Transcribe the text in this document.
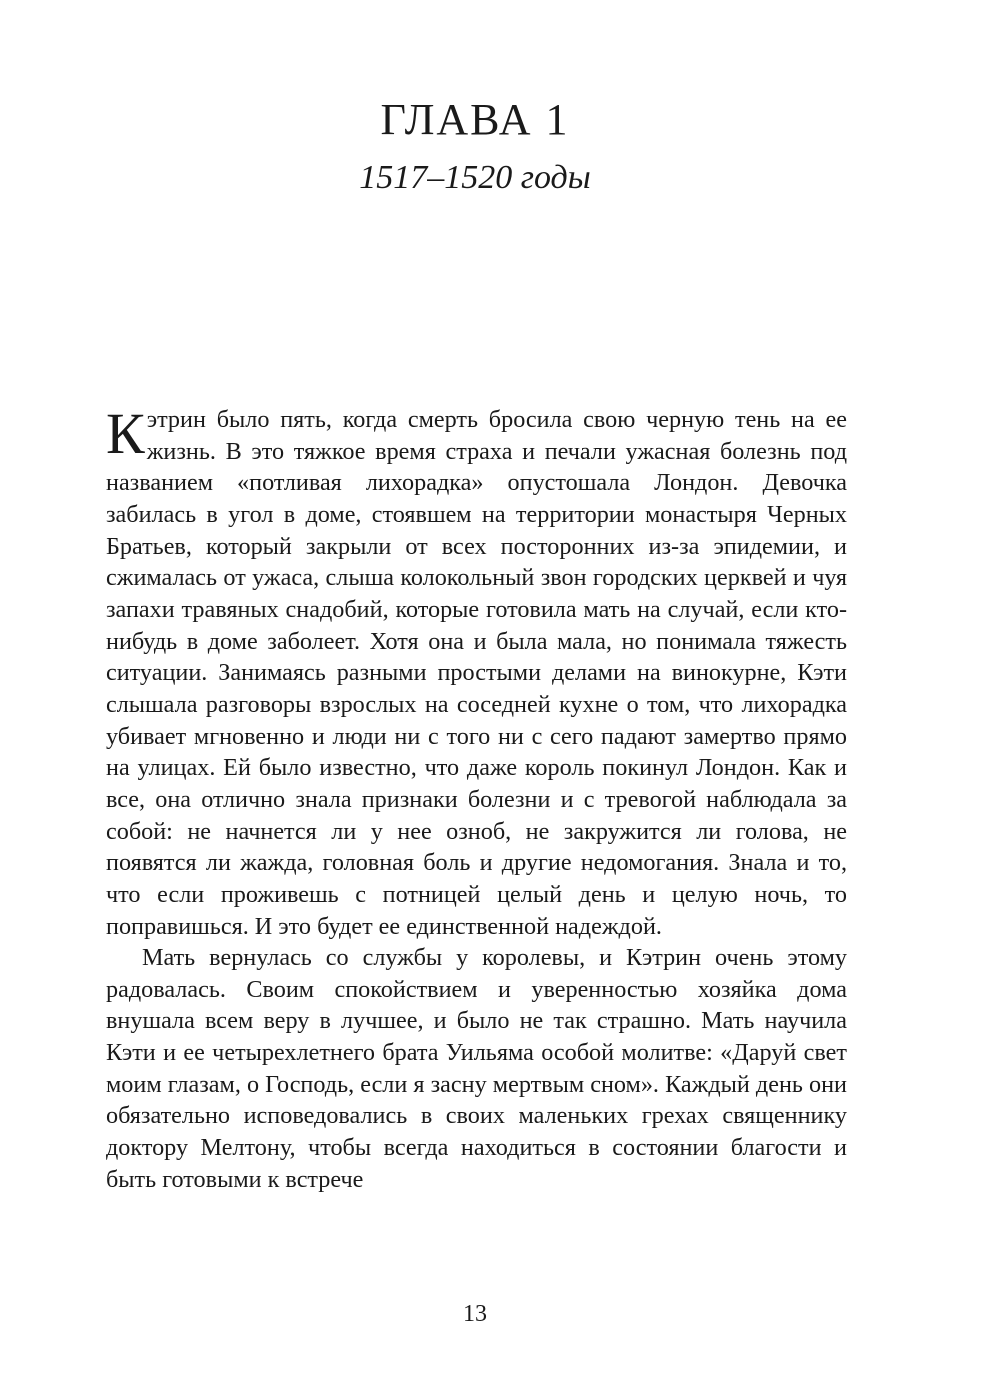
ГЛАВА 1
1517–1520 годы

Кэтрин было пять, когда смерть бросила свою черную тень на ее жизнь. В это тяжкое время страха и печали ужасная болезнь под названием «потливая лихорадка» опустошала Лондон. Девочка забилась в угол в доме, стоявшем на территории монастыря Черных Братьев, который закрыли от всех посторонних из-за эпидемии, и сжималась от ужаса, слыша колокольный звон городских церквей и чуя запахи травяных снадобий, которые готовила мать на случай, если кто-нибудь в доме заболеет. Хотя она и была мала, но понимала тяжесть ситуации. Занимаясь разными простыми делами на винокурне, Кэти слышала разговоры взрослых на соседней кухне о том, что лихорадка убивает мгновенно и люди ни с того ни с сего падают замертво прямо на улицах. Ей было известно, что даже король покинул Лондон. Как и все, она отлично знала признаки болезни и с тревогой наблюдала за собой: не начнется ли у нее озноб, не закружится ли голова, не появятся ли жажда, головная боль и другие недомогания. Знала и то, что если проживешь с потницей целый день и целую ночь, то поправишься. И это будет ее единственной надеждой.

Мать вернулась со службы у королевы, и Кэтрин очень этому радовалась. Своим спокойствием и уверенностью хозяйка дома внушала всем веру в лучшее, и было не так страшно. Мать научила Кэти и ее четырехлетнего брата Уильяма особой молитве: «Даруй свет моим глазам, о Господь, если я засну мертвым сном». Каждый день они обязательно исповедовались в своих маленьких грехах священнику доктору Мелтону, чтобы всегда находиться в состоянии благости и быть готовыми к встрече

13
